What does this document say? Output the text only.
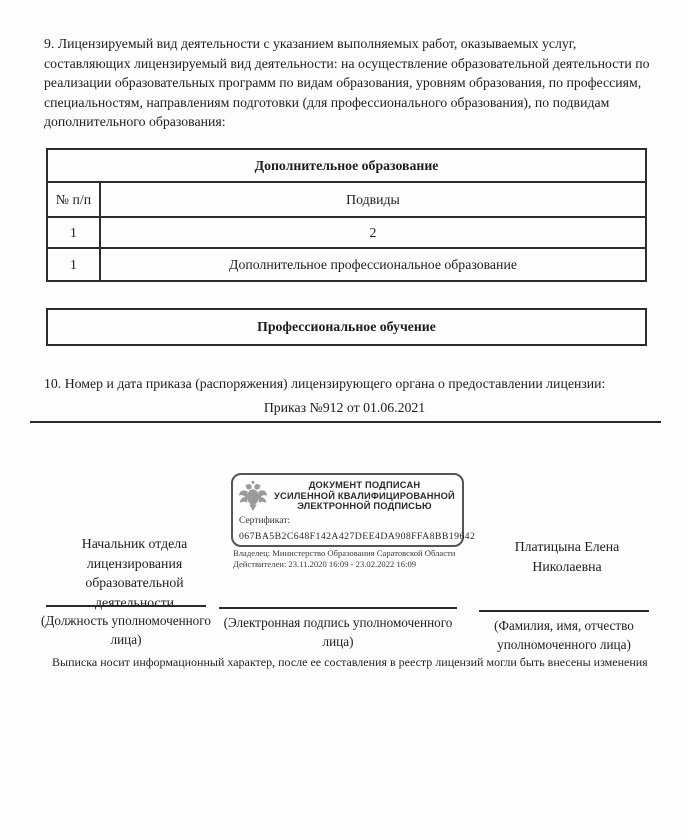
9. Лицензируемый вид деятельности с указанием выполняемых работ, оказываемых услуг, составляющих лицензируемый вид деятельности: на осуществление образовательной деятельности по реализации образовательных программ по видам образования, уровням образования, по профессиям, специальностям, направлениям подготовки (для профессионального образования), по подвидам дополнительного образования:
Дополнительное образование	
№ п/п	Подвиды
1	2
1	Дополнительное профессиональное образование
Профессиональное обучение
10. Номер и дата приказа (распоряжения) лицензирующего органа о предоставлении лицензии:
Приказ №912 от 01.06.2021
ДОКУМЕНТ ПОДПИСАН
УСИЛЕННОЙ КВАЛИФИЦИРОВАННОЙ
ЭЛЕКТРОННОЙ ПОДПИСЬЮ
Сертификат:
067BA5B2C648F142A427DEE4DA908FFA8BB19642
Владелец: Министерство Образования Саратовской Области
Действителен: 23.11.2020 16:09 - 23.02.2022 16:09
Начальник отдела лицензирования образовательной деятельности
Платицына Елена Николаевна
(Должность уполномоченного лица)
(Электронная подпись уполномоченного лица)
(Фамилия, имя, отчество уполномоченного лица)
Выписка носит информационный характер, после ее составления в реестр лицензий могли быть внесены изменения
